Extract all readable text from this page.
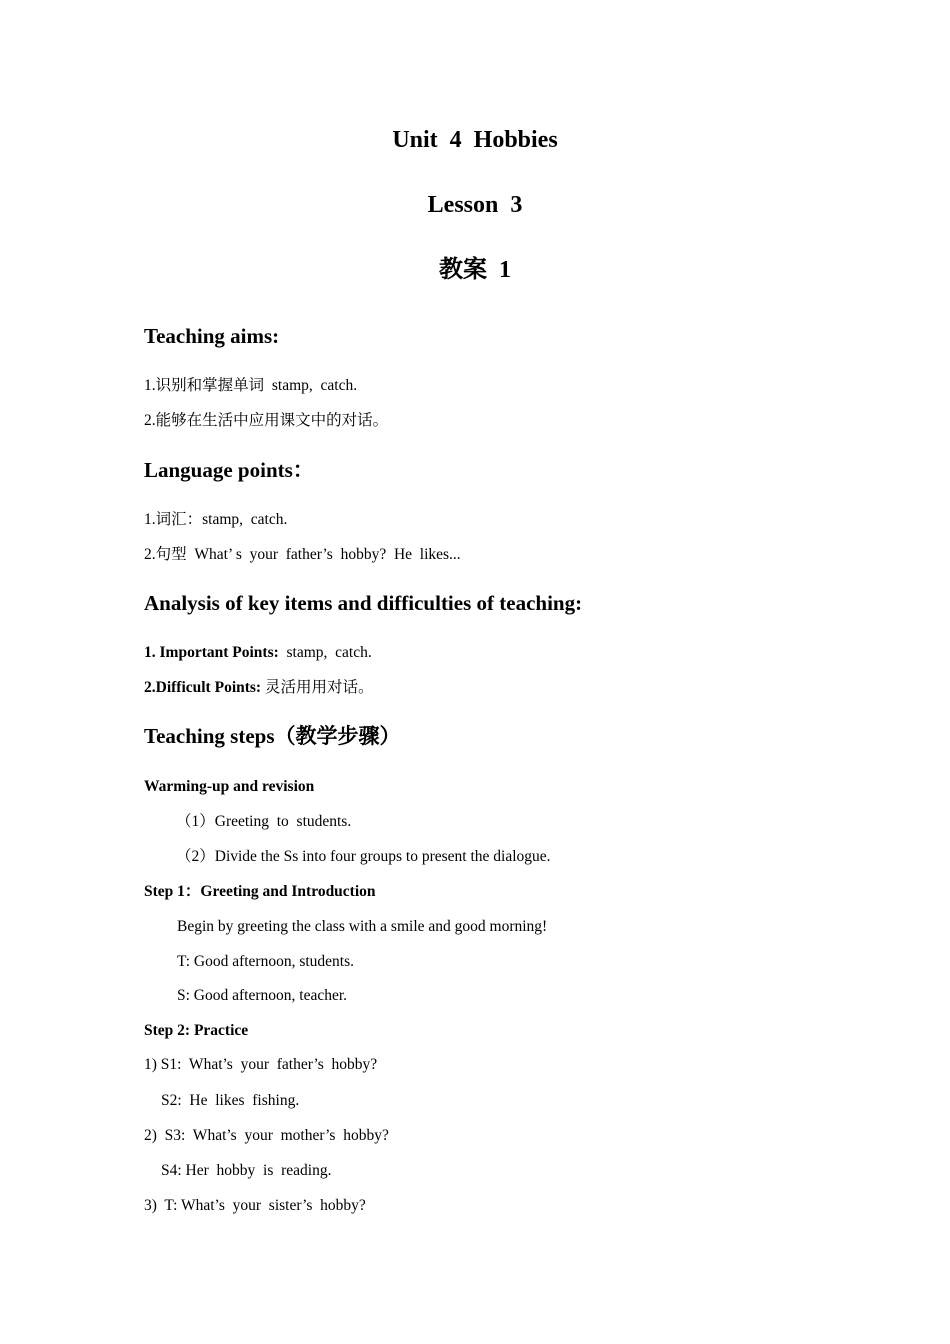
Unit  4  Hobbies
Lesson  3
教案  1
Teaching aims:
1.识别和掌握单词  stamp,  catch.
2.能够在生活中应用课文中的对话。
Language points：
1.词汇：stamp,  catch.
2.句型  What’ s  your  father’s  hobby?  He  likes...
Analysis of key items and difficulties of teaching:
1. Important Points:  stamp,  catch.
2.Difficult Points: 灵活用用对话。
Teaching steps（教学步骤）
Warming-up and revision
（1）Greeting  to  students.
（2）Divide the Ss into four groups to present the dialogue.
Step 1：Greeting and Introduction
Begin by greeting the class with a smile and good morning!
T: Good afternoon, students.
S: Good afternoon, teacher.
Step 2: Practice
1) S1:  What’s  your  father’s  hobby?
S2:  He  likes  fishing.
2)  S3:  What’s  your  mother’s  hobby?
S4: Her  hobby  is  reading.
3)  T: What’s  your  sister’s  hobby?
